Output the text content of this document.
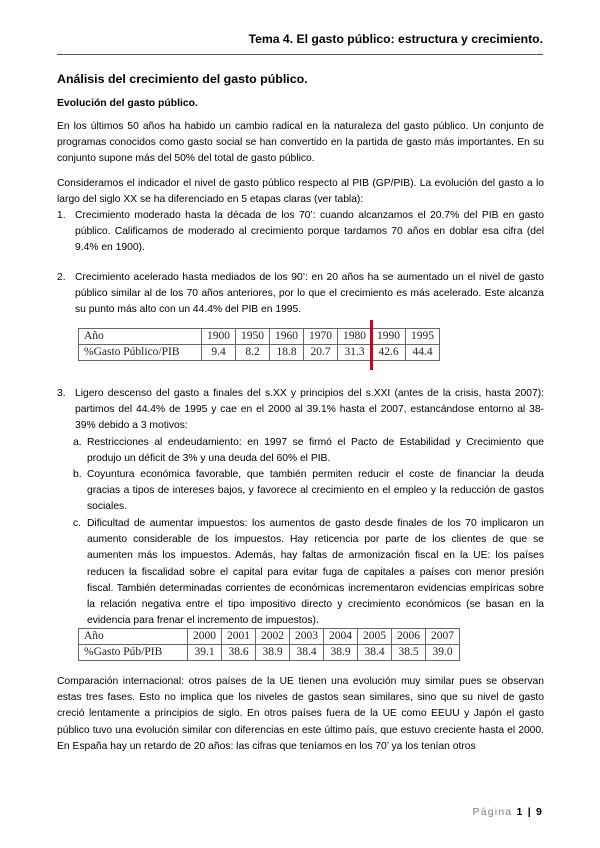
Tema 4. El gasto público: estructura y crecimiento.
Análisis del crecimiento del gasto público.
Evolución del gasto público.
En los últimos 50 años ha habido un cambio radical en la naturaleza del gasto público. Un conjunto de programas conocidos como gasto social se han convertido en la partida de gasto más importantes. En su conjunto supone más del 50% del total de gasto público.
Consideramos el indicador el nivel de gasto público respecto al PIB (GP/PIB). La evolución del gasto a lo largo del siglo XX se ha diferenciado en 5 etapas claras (ver tabla):
1. Crecimiento moderado hasta la década de los 70’: cuando alcanzamos el 20.7% del PIB en gasto público. Calificamos de moderado al crecimiento porque tardamos 70 años en doblar esa cifra (del 9.4% en 1900).
2. Crecimiento acelerado hasta mediados de los 90’: en 20 años ha se aumentado un el nivel de gasto público similar al de los 70 años anteriores, por lo que el crecimiento es más acelerado. Este alcanza su punto más alto con un 44.4% del PIB en 1995.
Año	1900	1950	1960	1970	1980	1990	1995
%Gasto Público/PIB	9.4	8.2	18.8	20.7	31.3	42.6	44.4
3. Ligero descenso del gasto a finales del s.XX y principios del s.XXI (antes de la crisis, hasta 2007): partimos del 44.4% de 1995 y cae en el 2000 al 39.1% hasta el 2007, estancándose entorno al 38-39% debido a 3 motivos:
a. Restricciones al endeudamiento: en 1997 se firmó el Pacto de Estabilidad y Crecimiento que produjo un déficit de 3% y una deuda del 60% el PIB.
b. Coyuntura económica favorable, que también permiten reducir el coste de financiar la deuda gracias a tipos de intereses bajos, y favorece al crecimiento en el empleo y la reducción de gastos sociales.
c. Dificultad de aumentar impuestos: los aumentos de gasto desde finales de los 70 implicaron un aumento considerable de los impuestos. Hay reticencia por parte de los clientes de que se aumenten más los impuestos. Además, hay faltas de armonización fiscal en la UE: los países reducen la fiscalidad sobre el capital para evitar fuga de capitales a países con menor presión fiscal. También determinadas corrientes de económicas incrementaron evidencias empíricas sobre la relación negativa entre el tipo impositivo directo y crecimiento económicos (se basan en la evidencia para frenar el incremento de impuestos).
Año	2000	2001	2002	2003	2004	2005	2006	2007
%Gasto Púb/PIB	39.1	38.6	38.9	38.4	38.9	38.4	38.5	39.0
Comparación internacional: otros países de la UE tienen una evolución muy similar pues se observan estas tres fases. Esto no implica que los niveles de gastos sean similares, sino que su nivel de gasto creció lentamente a principios de siglo. En otros países fuera de la UE como EEUU y Japón el gasto público tuvo una evolución similar con diferencias en este último país, que estuvo creciente hasta el 2000. En España hay un retardo de 20 años: las cifras que teníamos en los 70’ ya los tenían otros
Página 1 | 9
